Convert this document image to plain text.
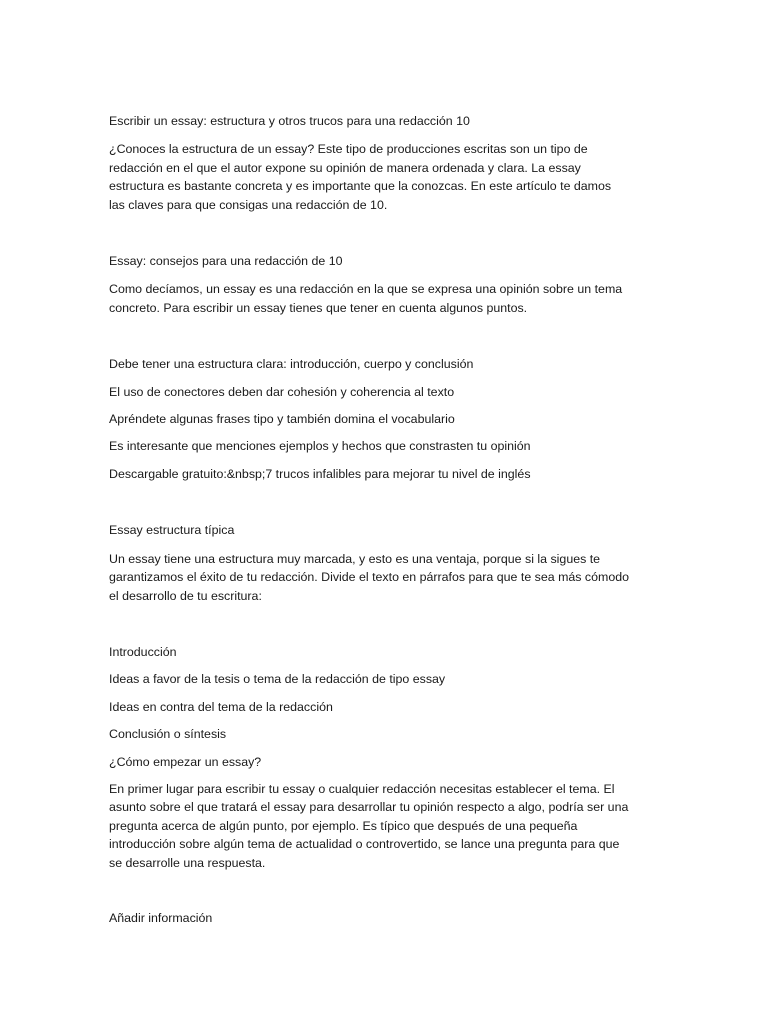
Escribir un essay: estructura y otros trucos para una redacción 10

¿Conoces la estructura de un essay? Este tipo de producciones escritas son un tipo de redacción en el que el autor expone su opinión de manera ordenada y clara. La essay estructura es bastante concreta y es importante que la conozcas. En este artículo te damos las claves para que consigas una redacción de 10.

Essay: consejos para una redacción de 10

Como decíamos, un essay es una redacción en la que se expresa una opinión sobre un tema concreto. Para escribir un essay tienes que tener en cuenta algunos puntos.

Debe tener una estructura clara: introducción, cuerpo y conclusión

El uso de conectores deben dar cohesión y coherencia al texto

Apréndete algunas frases tipo y también domina el vocabulario

Es interesante que menciones ejemplos y hechos que constrasten tu opinión

Descargable gratuito:&nbsp;7 trucos infalibles para mejorar tu nivel de inglés

Essay estructura típica

Un essay tiene una estructura muy marcada, y esto es una ventaja, porque si la sigues te garantizamos el éxito de tu redacción. Divide el texto en párrafos para que te sea más cómodo el desarrollo de tu escritura:

Introducción

Ideas a favor de la tesis o tema de la redacción de tipo essay

Ideas en contra del tema de la redacción

Conclusión o síntesis

¿Cómo empezar un essay?

En primer lugar para escribir tu essay o cualquier redacción necesitas establecer el tema. El asunto sobre el que tratará el essay para desarrollar tu opinión respecto a algo, podría ser una pregunta acerca de algún punto, por ejemplo. Es típico que después de una pequeña introducción sobre algún tema de actualidad o controvertido, se lance una pregunta para que se desarrolle una respuesta.

Añadir información
